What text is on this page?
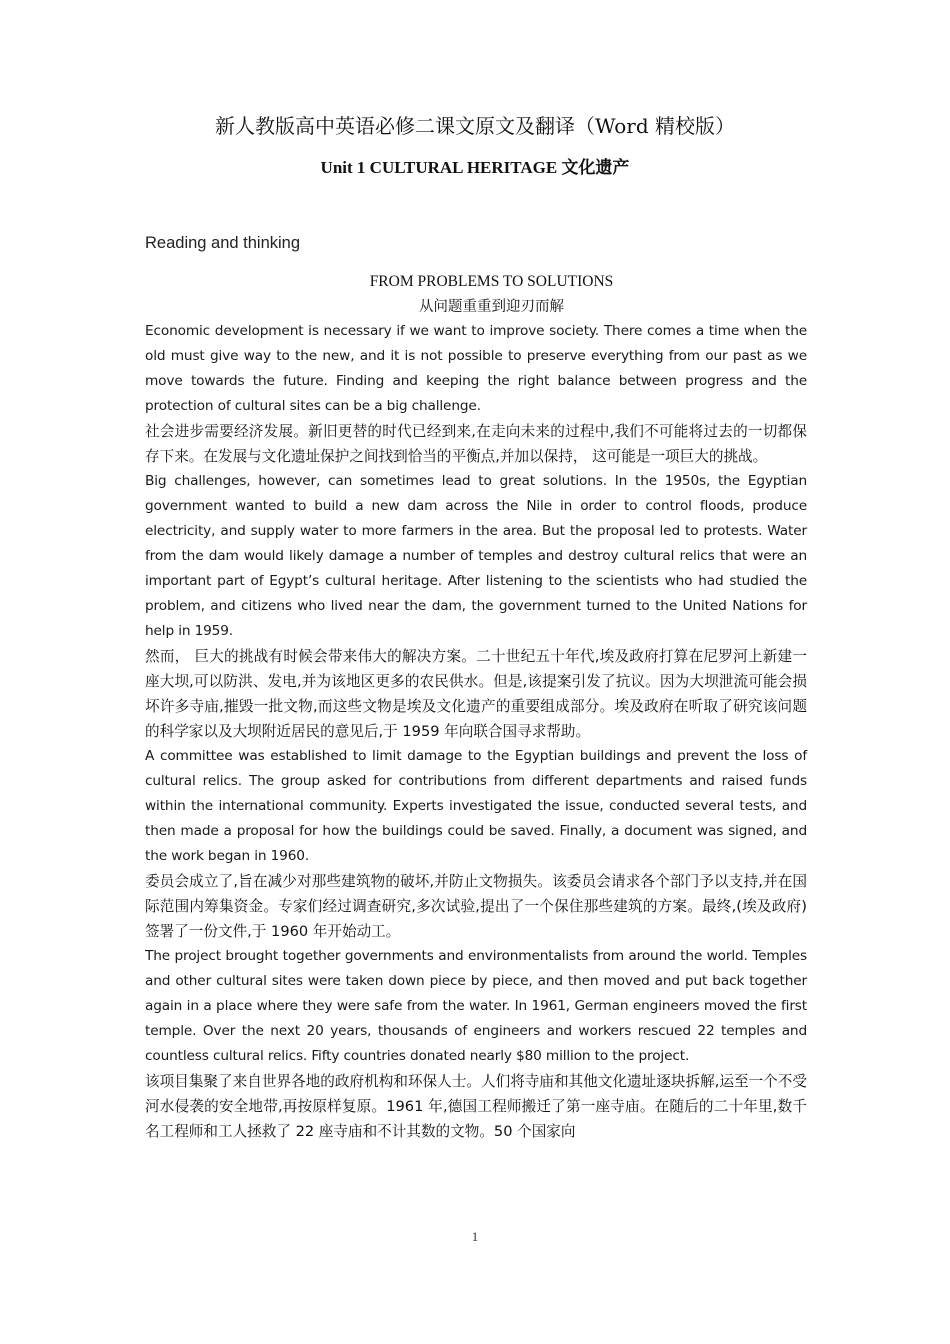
新人教版高中英语必修二课文原文及翻译（Word 精校版）
Unit 1 CULTURAL HERITAGE 文化遗产
Reading and thinking
FROM PROBLEMS TO SOLUTIONS
从问题重重到迎刃而解

Economic development is necessary if we want to improve society. There comes a time when the old must give way to the new, and it is not possible to preserve everything from our past as we move towards the future. Finding and keeping the right balance between progress and the protection of cultural sites can be a big challenge.

社会进步需要经济发展。新旧更替的时代已经到来,在走向未来的过程中,我们不可能将过去的一切都保存下来。在发展与文化遗址保护之间找到恰当的平衡点,并加以保持， 这可能是一项巨大的挑战。

Big challenges, however, can sometimes lead to great solutions. In the 1950s, the Egyptian government wanted to build a new dam across the Nile in order to control floods, produce electricity, and supply water to more farmers in the area. But the proposal led to protests. Water from the dam would likely damage a number of temples and destroy cultural relics that were an important part of Egypt’s cultural heritage. After listening to the scientists who had studied the problem, and citizens who lived near the dam, the government turned to the United Nations for help in 1959.

然而， 巨大的挑战有时候会带来伟大的解决方案。二十世纪五十年代,埃及政府打算在尼罗河上新建一座大坝,可以防洪、发电,并为该地区更多的农民供水。但是,该提案引发了抗议。因为大坝泄流可能会损坏许多寺庙,摧毁一批文物,而这些文物是埃及文化遗产的重要组成部分。埃及政府在听取了研究该问题的科学家以及大坝附近居民的意见后,于 1959 年向联合国寻求帮助。

A committee was established to limit damage to the Egyptian buildings and prevent the loss of cultural relics. The group asked for contributions from different departments and raised funds within the international community. Experts investigated the issue, conducted several tests, and then made a proposal for how the buildings could be saved. Finally, a document was signed, and the work began in 1960.

委员会成立了,旨在减少对那些建筑物的破坏,并防止文物损失。该委员会请求各个部门予以支持,并在国际范围内筹集资金。专家们经过调查研究,多次试验,提出了一个保住那些建筑的方案。最终,(埃及政府)签署了一份文件,于 1960 年开始动工。

The project brought together governments and environmentalists from around the world. Temples and other cultural sites were taken down piece by piece, and then moved and put back together again in a place where they were safe from the water. In 1961, German engineers moved the first temple. Over the next 20 years, thousands of engineers and workers rescued 22 temples and countless cultural relics. Fifty countries donated nearly $80 million to the project.

该项目集聚了来自世界各地的政府机构和环保人士。人们将寺庙和其他文化遗址逐块拆解,运至一个不受河水侵袭的安全地带,再按原样复原。1961 年,德国工程师搬迁了第一座寺庙。在随后的二十年里,数千名工程师和工人拯救了 22 座寺庙和不计其数的文物。50 个国家向

1
